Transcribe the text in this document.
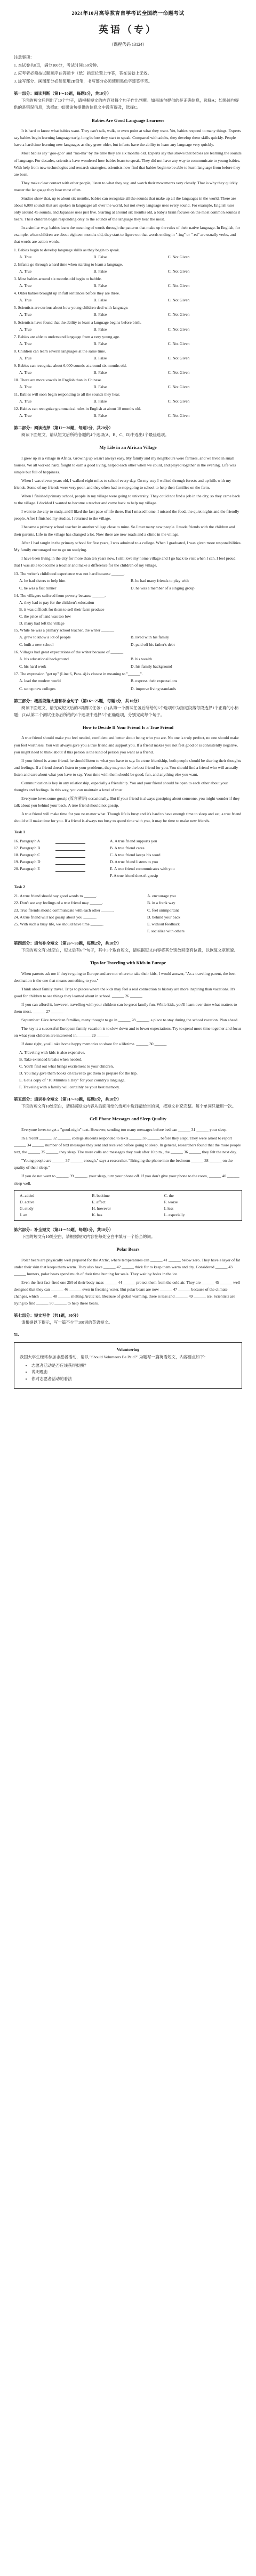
2024年10月高等教育自学考试全国统一命题考试
英语（专）
（课程代码 13124）

注意事项：

1. 本试卷共8页，满分100分，考试时间150分钟。

2. 应考者必须按试题顺序在答题卡（纸）指定位置上作答，答在试卷上无效。

3. 涂写部分、画图部分必须使用2B铅笔，书写部分必须使用黑色字迹签字笔。

第一部分：阅读判断（第1～10题，每题1分，共10分）

下面的短文后列出了10个句子，请根据短文的内容对每个句子作出判断。如果该句提供的是正确信息，选择A；如果该句提供的是错误信息，选择B；如果该句提供的信息文中没有提及，选择C。

Babies Are Good Language Learners

It is hard to know what babies want. They can't talk, walk, or even point at what they want. Yet, babies respond to many things. Experts say babies begin learning language early, long before they start to speak. Compared with adults, they develop these skills quickly. People have a hard time learning new languages as they grow older, but infants have the ability to learn any language very quickly.

Most babies say "goo-goo" and "ma-ma" by the time they are six months old. Experts say this shows that babies are learning the sounds of language. For decades, scientists have wondered how babies learn to speak. They did not have any way to communicate to young babies. With help from new technologies and research strategies, scientists now find that babies begin to be able to learn language from before they are born.

They make clear contact with other people, listen to what they say, and watch their movements very closely. That is why they quickly master the language they hear most often.

Studies show that, up to about six months, babies can recognize all the sounds that make up all the languages in the world. There are about 6,000 sounds that are spoken in languages all over the world, but not every language uses every sound. For example, English uses only around 45 sounds, and Japanese uses just five. Starting at around six months old, a baby's brain focuses on the most common sounds it hears. Their children begin responding only to the sounds of the language they hear the most.

In a similar way, babies learn the meaning of words through the patterns that make up the rules of their native language. In English, for example, when children are about eighteen months old, they start to figure out that words ending in "-ing" or "-ed" are usually verbs, and that words are action words.

1. Babies begin to develop language skills as they begin to speak.

A. True	B. False	C. Not Given

2. Infants go through a hard time when starting to learn a language.

A. True	B. False	C. Not Given

3. Most babies around six months old begin to babble.

A. True	B. False	C. Not Given

4. Older babies brought up in full sentences before they are three.

A. True	B. False	C. Not Given

5. Scientists are curious about how young children deal with language.

A. True	B. False	C. Not Given

6. Scientists have found that the ability to learn a language begins before birth.

A. True	B. False	C. Not Given

7. Babies are able to understand language from a very young age.

A. True	B. False	C. Not Given

8. Children can learn several languages at the same time.

A. True	B. False	C. Not Given

9. Babies can recognize about 6,000 sounds at around six months old.

A. True	B. False	C. Not Given

10. There are more vowels in English than in Chinese.

A. True	B. False	C. Not Given

11. Babies will soon begin responding to all the sounds they hear.

A. True	B. False	C. Not Given

12. Babies can recognize grammatical rules in English at about 18 months old.

A. True	B. False	C. Not Given
第二部分：阅读选择（第11～20题，每题2分，共20分）

阅读下面短文，请从短文后所给各题的4个选项(A、B、C、D)中选出1个最佳选项。

My Life in an African Village

I grew up in a village in Africa. Growing up wasn't always easy. My family and my neighbours were farmers, and we lived in small houses. We all worked hard, fought to earn a good living, helped each other when we could, and played together in the evening. Life was simple but full of happiness.

When I was eleven years old, I walked eight miles to school every day. On my way I walked through forests and up hills with my friends. Some of my friends were very poor, and they often had to stop going to school to help their families on the farm.

When I finished primary school, people in my village were going to university. They could not find a job in the city, so they came back to the village. I decided I wanted to become a teacher and come back to help my village.

I went to the city to study, and I liked the fast pace of life there. But I missed home. I missed the food, the quiet nights and the friendly people. After I finished my studies, I returned to the village.

I became a primary school teacher in another village close to mine. So I met many new people. I made friends with the children and their parents. Life in the village has changed a lot. Now there are new roads and a clinic in the village.

After I had taught in the primary school for five years, I was admitted to a college. When I graduated, I was given more responsibilities. My family encouraged me to go on studying.

I have been living in the city for more than ten years now. I still love my home village and I go back to visit when I can. I feel proud that I was able to become a teacher and make a difference for the children of my village.

13. The writer's childhood experience was not hard because ______.

A. he had sisters to help him	B. he had many friends to play with
C. he was a fast runner	D. he was a member of a singing group

14. The villagers suffered from poverty because ______.

A. they had to pay for the children's education

B. it was difficult for them to sell their farm produce

C. the price of land was too low

D. many had left the village

15. While he was a primary school teacher, the writer ______.

A. grew to know a lot of people	B. lived with his family
C. built a new school	D. paid off his father's debt

16. Villages had great expectations of the writer because of ______.

A. his educational background	B. his wealth
C. his hard work	D. his family background

17. The expression "get up" (Line 6, Para. 4) is closest in meaning to "______".

A. lead the modern world	B. express their expectations
C. set up new colleges	D. improve living standards
第三部分：概括段落大意和补全句子（第16～25题，每题1分，共10分）

阅读下面短文，请完成短文后的2项测试任务：(1)从第一个测试任务后所给的6个选项中为指定段落每段选择1个正确的小标题；(2)从第二个测试任务后所给的6个选项中选择5个正确选项，分别完成每个句子。

How to Decide If Your Friend Is a True Friend

A true friend should make you feel needed, confident and better about being who you are. No one is truly perfect, no one should make you feel worthless. You will always give you a true friend and support you. If a friend makes you not feel good or is consistently negative, you might need to think about if this person is the kind of person you want as a friend.

If your friend is a true friend, he should listen to what you have to say. In a true friendship, both people should be sharing their thoughts and feelings. If a friend doesn't listen to your problems, they may not be the best friend for you. You should find a friend who will actually listen and care about what you have to say. Your time with them should be good, fun, and anything else you want.

Communication is key in any relationship, especially a friendship. You and your friend should be open to each other about your thoughts and feelings. In this way, you can maintain a level of trust.

Everyone loves some gossip (流言蜚语) occasionally. But if your friend is always gossiping about someone, you might wonder if they talk about you behind your back. A true friend should not gossip.

A true friend will make time for you no matter what. Though life is busy and it's hard to have enough time to sleep and eat, a true friend should still make time for you. If a friend is always too busy to spend time with you, it may be time to make new friends.

Task 1
16. Paragraph A
17. Paragraph B
18. Paragraph C
19. Paragraph D
20. Paragraph E
A. A true friend supports you
B. A true friend cares
C. A true friend keeps his word
D. A true friend listens to you
E. A true friend communicates with you
F. A true friend doesn't gossip
Task 2
21. A true friend should say good words to ______.
22. Don't see any feelings of a true friend may ______.
23. True friends should communicate with each other ______.
24. A true friend will not gossip about you ______.
25. With such a busy life, we should have time ______.
A. encourage you
B. in a frank way
C. feel unimportant
D. behind your back
E. without feedback
F. socialize with others
第四部分：填句补全短文（第26～30题，每题2分，共10分）

下面的短文有5处空白，短文后有6个句子，其中5个取自短文，请根据短文内容将其分别放回原有位置，以恢复文章原貌。

Tips for Traveling with Kids in Europe

When parents ask me if they're going to Europe and are not where to take their kids, I would answer, "As a traveling parent, the best destination is the one that means something to you."

Think about family travel. Trips to places where the kids may feel a real connection to history are more inspiring than vacations. It's good for children to see things they learned about in school. ______ 26 ______

If you can afford it, however, travelling with your children can be great family fun. While kids, you'll learn over time what matters to them most. ______ 27 ______

September: Give American families, many thought to go in ______ 28 ______, a place to stay during the school vacation. Plan ahead.

The key is a successful European family vacation is to slow down and to lower expectations. Try to spend more time together and focus on what your children are interested in. ______ 29 ______

If done right, you'll take home happy memories to share for a lifetime. ______ 30 ______

A. Traveling with kids is also expensive.

B. Take extended breaks when needed.

C. You'll find out what brings excitement to your children.

D. You may give them books on travel to get them to prepare for the trip.

E. Get a copy of "10 Minutes a Day" for your country's language.

F. Traveling with a family will certainly be your best memory.

第五部分：填词补全短文（第31～40题，每题1分，共10分）

下面的短文有10处空白，请根据短文内容从后面所给的选项中选择最恰当的词，把短文补充完整。每个单词只能用一次。

Cell Phone Messages and Sleep Quality

Everyone loves to get a "good-night" text. However, sending too many messages before bed can ______ 31 ______ your sleep.

In a recent ______ 32 ______, college students responded to texts ______ 33 ______ before they slept. They were asked to report ______ 34 ______ number of text messages they sent and received before going to sleep. In general, researchers found that the more people text, the ______ 35 ______ they sleep. The more calls and messages they took after 10 p.m., the ______ 36 ______ they felt the next day.

"Young people are ______ 37 ______ enough," says a researcher. "Bringing the phone into the bedroom ______ 38 ______ on the quality of their sleep."

If you do not want to ______ 39 ______, your sleep, turn your phone off. If you don't give your phone to the room, ______ 40 ______ sleep well.

A. added	B. bedtime	C. the
D. active	E. affect	F. worse
G. study	H. however	I. less
J. an	K. has	L. especially
第六部分：补全短文（第41～50题，每题1分，共10分）

下面的短文有10处空白，请根据短文内容在每处空白中填写一个恰当的词。

Polar Bears

Polar bears are physically well prepared for the Arctic, where temperatures can ______ 41 ______ below zero. They have a layer of fat under their skin that keeps them warm. They also have ______ 42 ______ thick fur to keep them warm and dry. Considered ______ 43 ______ hunters, polar bears spend much of their time hunting for seals. They wait by holes in the ice.

Even the first fact-fired one 2M of their body mass ______ 44 ______ protect them from the cold air. They are ______ 45 ______ well designed that they can ______ 46 ______ even in freezing water. But polar bears are now ______ 47 ______ because of the climate changes, which ______ 48 ______ melting Arctic ice. Because of global warming, there is less and ______ 49 ______ ice. Scientists are trying to find ______ 50 ______ to help these bears.

第七部分：短文写作（共1题，30分）

请根据以下提示，写一篇不少于100词的英语短文。

51.
Volunteering
我国大学生经常参加志愿者活动，请以 "Should Volunteers Be Paid?" 为题写一篇英语短文，内容要点如下：
• 志愿者活动是否应该获得报酬？
• 说明理由
• 你对志愿者活动的看法
